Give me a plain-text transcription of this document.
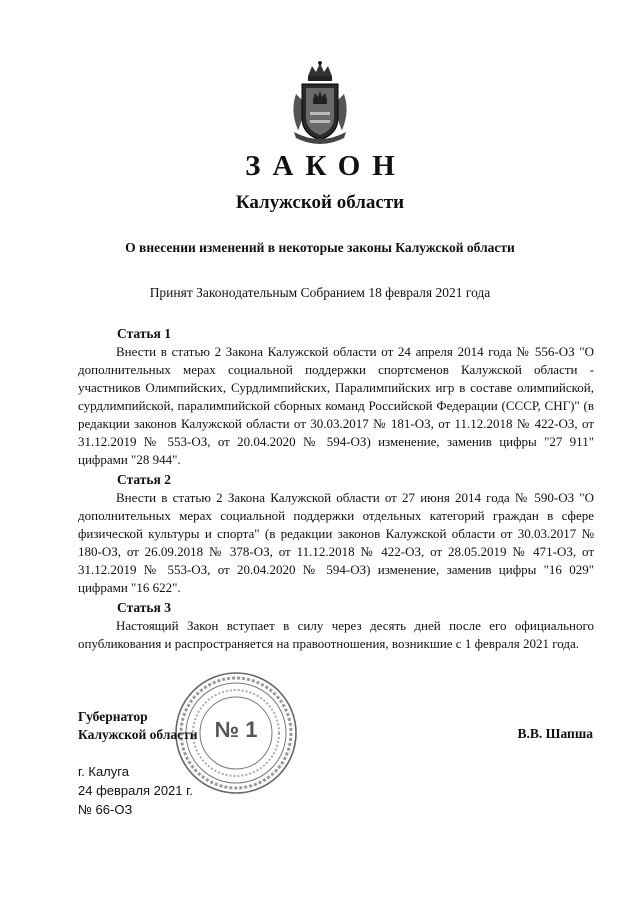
ЗАКОН
Калужской области
О внесении изменений в некоторые законы Калужской области
Принят Законодательным Собранием 18 февраля 2021 года
Статья 1

Внести в статью 2 Закона Калужской области от 24 апреля 2014 года № 556-ОЗ "О дополнительных мерах социальной поддержки спортсменов Калужской области - участников Олимпийских, Сурдлимпийских, Паралимпийских игр в составе олимпийской, сурдлимпийской, паралимпийской сборных команд Российской Федерации (СССР, СНГ)" (в редакции законов Калужской области от 30.03.2017 № 181-ОЗ, от 11.12.2018 № 422-ОЗ, от 31.12.2019 № 553-ОЗ, от 20.04.2020 № 594-ОЗ) изменение, заменив цифры "27 911" цифрами "28 944".

Статья 2

Внести в статью 2 Закона Калужской области от 27 июня 2014 года № 590-ОЗ "О дополнительных мерах социальной поддержки отдельных категорий граждан в сфере физической культуры и спорта" (в редакции законов Калужской области от 30.03.2017 № 180-ОЗ, от 26.09.2018 № 378-ОЗ, от 11.12.2018 № 422-ОЗ, от 28.05.2019 № 471-ОЗ, от 31.12.2019 № 553-ОЗ, от 20.04.2020 № 594-ОЗ) изменение, заменив цифры "16 029" цифрами "16 622".

Статья 3

Настоящий Закон вступает в силу через десять дней после его официального опубликования и распространяется на правоотношения, возникшие с 1 февраля 2021 года.

№ 1
Губернатор
Калужской области	В.В. Шапша
г. Калуга
24 февраля 2021 г.
№ 66-ОЗ
